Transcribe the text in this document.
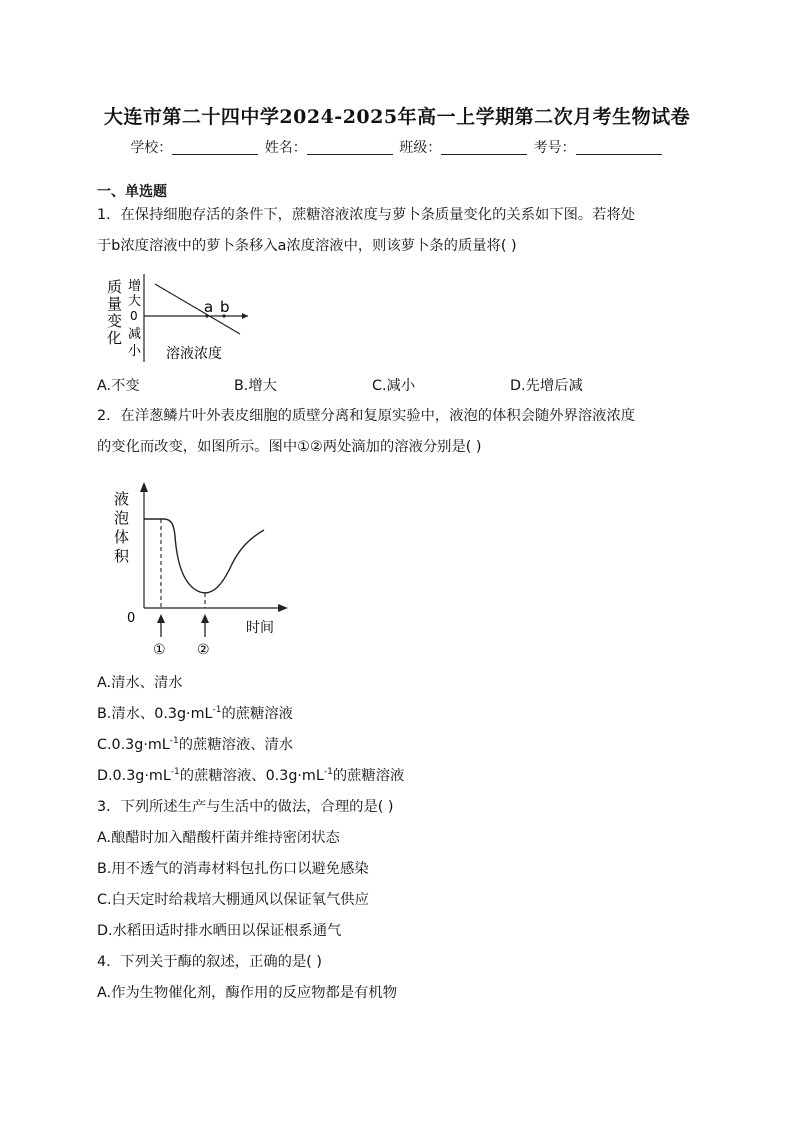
大连市第二十四中学2024-2025年高一上学期第二次月考生物试卷
学校：	姓名：	班级：	考号：
一、单选题
1．在保持细胞存活的条件下，蔗糖溶液浓度与萝卜条质量变化的关系如下图。若将处
于b浓度溶液中的萝卜条移入a浓度溶液中，则该萝卜条的质量将( )
a b
增
大
0
减
小
质
量
变
化
溶液浓度
A.不变	B.增大	C.减小	D.先增后减
2．在洋葱鳞片叶外表皮细胞的质壁分离和复原实验中，液泡的体积会随外界溶液浓度
的变化而改变，如图所示。图中①②两处滴加的溶液分别是( )
① ②
液
泡
体
积
0
时间
A.清水、清水
B.清水、$0.3g\cdot mL^{-1}$的蔗糖溶液
$C.0.3g\cdot mL^{-1}$的蔗糖溶液、清水
$D.0.3g\cdot mL^{-1}$的蔗糖溶液、$0.3g\cdot mL^{-1}$的蔗糖溶液
3．下列所述生产与生活中的做法，合理的是( )
A.酿醋时加入醋酸杆菌并维持密闭状态
B.用不透气的消毒材料包扎伤口以避免感染
C.白天定时给栽培大棚通风以保证氧气供应
D.水稻田适时排水晒田以保证根系通气
4．下列关于酶的叙述，正确的是( )
A.作为生物催化剂，酶作用的反应物都是有机物
